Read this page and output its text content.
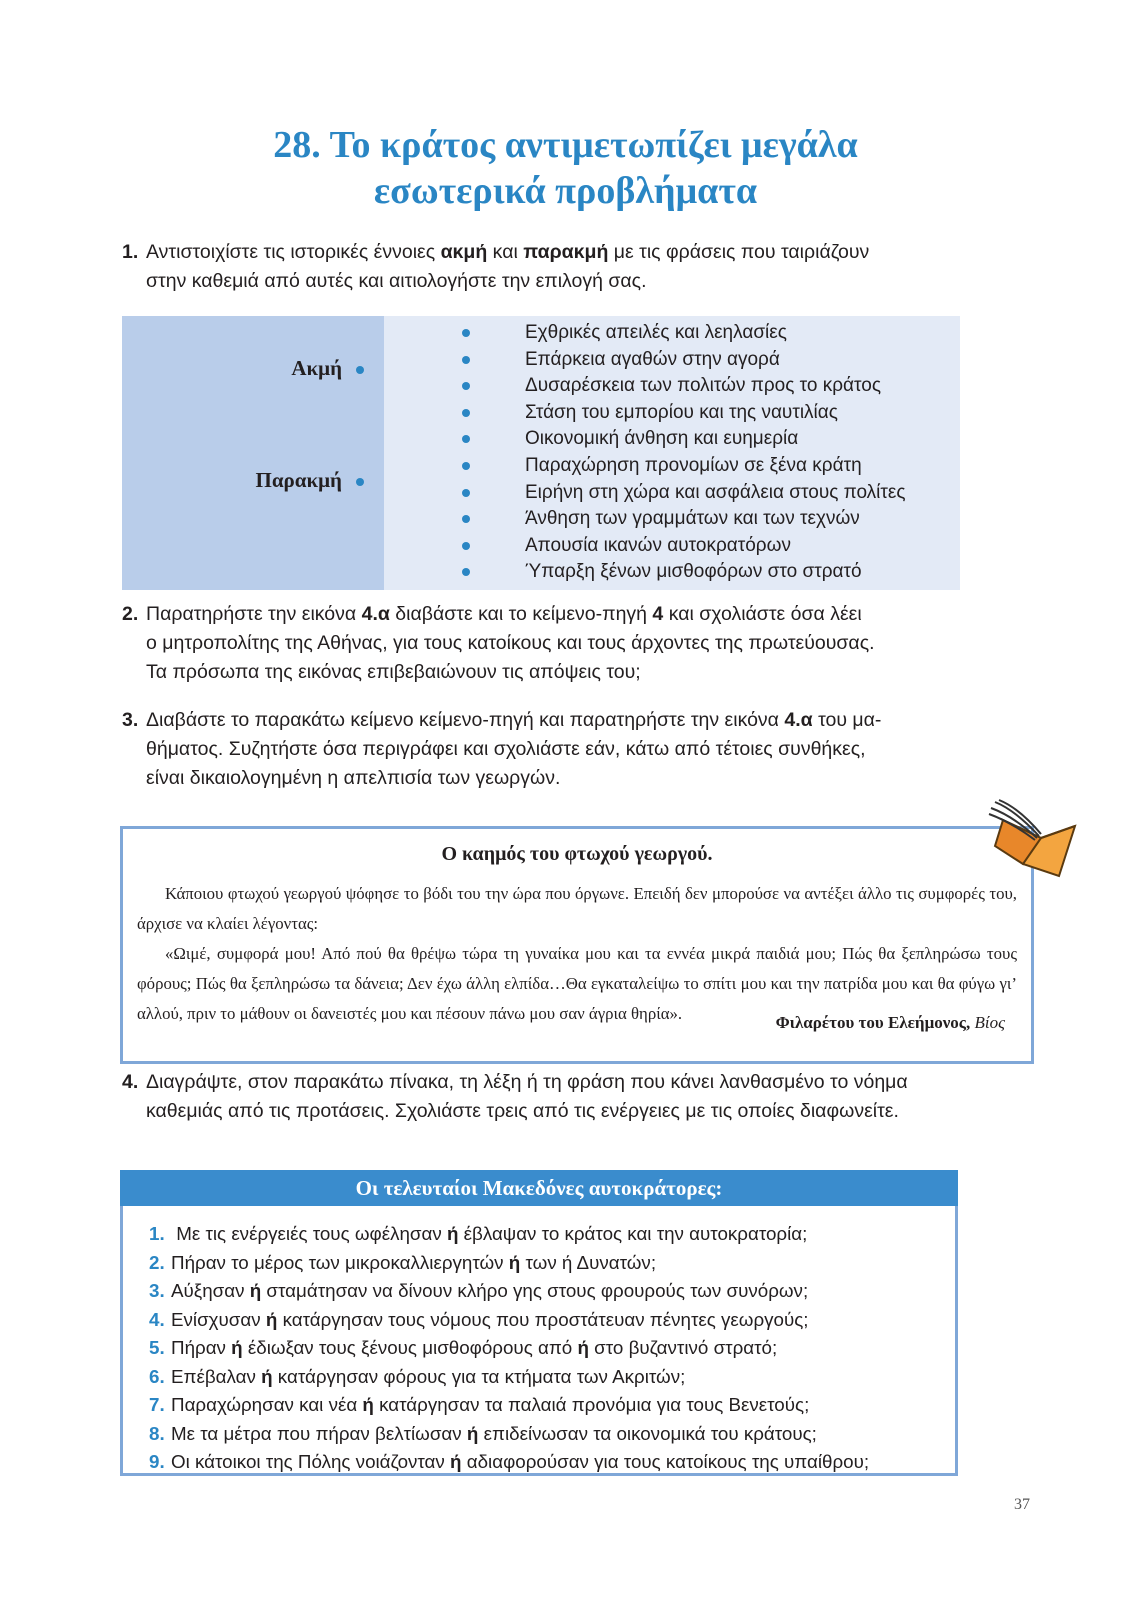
28. Το κράτος αντιμετωπίζει μεγάλα
εσωτερικά προβλήματα
1. Αντιστοιχίστε τις ιστορικές έννοιες ακμή και παρακμή με τις φράσεις που ταιριάζουν
στην καθεμιά από αυτές και αιτιολογήστε την επιλογή σας.
Ακμή
Παρακμή
Εχθρικές απειλές και λεηλασίες
Επάρκεια αγαθών στην αγορά
Δυσαρέσκεια των πολιτών προς το κράτος
Στάση του εμπορίου και της ναυτιλίας
Οικονομική άνθηση και ευημερία
Παραχώρηση προνομίων σε ξένα κράτη
Ειρήνη στη χώρα και ασφάλεια στους πολίτες
Άνθηση των γραμμάτων και των τεχνών
Απουσία ικανών αυτοκρατόρων
Ύπαρξη ξένων μισθοφόρων στο στρατό
2. Παρατηρήστε την εικόνα 4.α διαβάστε και το κείμενο-πηγή 4 και σχολιάστε όσα λέει
ο μητροπολίτης της Αθήνας, για τους κατοίκους και τους άρχοντες της πρωτεύουσας.
Τα πρόσωπα της εικόνας επιβεβαιώνουν τις απόψεις του;
3. Διαβάστε το παρακάτω κείμενο κείμενο-πηγή και παρατηρήστε την εικόνα 4.α του μα-
θήματος. Συζητήστε όσα περιγράφει και σχολιάστε εάν, κάτω από τέτοιες συνθήκες,
είναι δικαιολογημένη η απελπισία των γεωργών.
Ο καημός του φτωχού γεωργού.

Κάποιου φτωχού γεωργού ψόφησε το βόδι του την ώρα που όργωνε. Επειδή δεν μπορούσε να αντέξει άλλο τις συμφορές του, άρχισε να κλαίει λέγοντας:

«Ωιμέ, συμφορά μου! Από πού θα θρέψω τώρα τη γυναίκα μου και τα εννέα μικρά παιδιά μου; Πώς θα ξεπληρώσω τους φόρους; Πώς θα ξεπληρώσω τα δάνεια; Δεν έχω άλλη ελπίδα…Θα εγκαταλείψω το σπίτι μου και την πατρίδα μου και θα φύγω γι’ αλλού, πριν το μάθουν οι δανειστές μου και πέσουν πάνω μου σαν άγρια θηρία».	Φιλαρέτου του Ελεήμονος, Βίος
4. Διαγράψτε, στον παρακάτω πίνακα, τη λέξη ή τη φράση που κάνει λανθασμένο το νόημα
καθεμιάς από τις προτάσεις. Σχολιάστε τρεις από τις ενέργειες με τις οποίες διαφωνείτε.
Οι τελευταίοι Μακεδόνες αυτοκράτορες:
1. Με τις ενέργειές τους ωφέλησαν ή έβλαψαν το κράτος και την αυτοκρατορία;
2. Πήραν το μέρος των μικροκαλλιεργητών ή των ή Δυνατών;
3. Αύξησαν ή σταμάτησαν να δίνουν κλήρο γης στους φρουρούς των συνόρων;
4. Ενίσχυσαν ή κατάργησαν τους νόμους που προστάτευαν πένητες γεωργούς;
5. Πήραν ή έδιωξαν τους ξένους μισθοφόρους από ή στο βυζαντινό στρατό;
6. Επέβαλαν ή κατάργησαν φόρους για τα κτήματα των Ακριτών;
7. Παραχώρησαν και νέα ή κατάργησαν τα παλαιά προνόμια για τους Βενετούς;
8. Με τα μέτρα που πήραν βελτίωσαν ή επιδείνωσαν τα οικονομικά του κράτους;
9. Οι κάτοικοι της Πόλης νοιάζονταν ή αδιαφορούσαν για τους κατοίκους της υπαίθρου;
37
